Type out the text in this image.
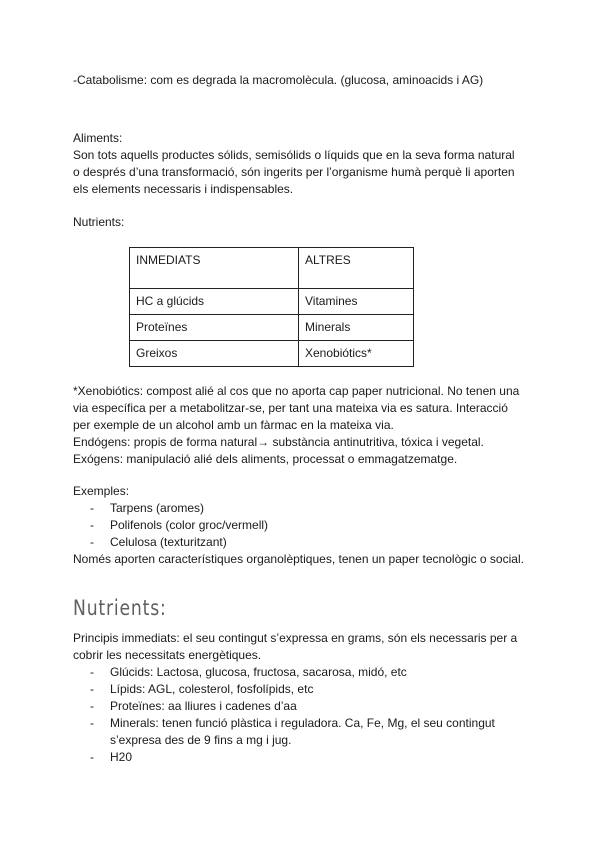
-Catabolisme: com es degrada la macromolècula. (glucosa, aminoacids i AG)

Aliments:

Son tots aquells productes sólids, semisólids o líquids que en la seva forma natural

o després d’una transformació, són ingerits per l’organisme humà perquè li aporten

els elements necessaris i indispensables.

Nutrients:

INMEDIATS	ALTRES
HC a glúcids	Vitamines
Proteïnes	Minerals
Greixos	Xenobiótics*

*Xenobiótics: compost alié al cos que no aporta cap paper nutricional. No tenen una

via específica per a metabolitzar-se, per tant una mateixa via es satura. Interacció

per exemple de un alcohol amb un fàrmac en la mateixa via.

Endógens: propis de forma natural→ substància antinutritiva, tóxica i vegetal.

Exógens: manipulació alié dels aliments, processat o emmagatzematge.

Exemples:

- Tarpens (aromes)
- Polifenols (color groc/vermell)
- Celulosa (texturitzant)

Només aporten característiques organolèptiques, tenen un paper tecnològic o social.

Nutrients:

Principis immediats: el seu contingut s’expressa en grams, són els necessaris per a

cobrir les necessitats energètiques.

- Glúcids: Lactosa, glucosa, fructosa, sacarosa, midó, etc
- Lípids: AGL, colesterol, fosfolípids, etc
- Proteïnes: aa lliures i cadenes d’aa
- Minerals: tenen funció plàstica i reguladora. Ca, Fe, Mg, el seu contingut
s’expresa des de 9 fins a mg i jug.
- H20
